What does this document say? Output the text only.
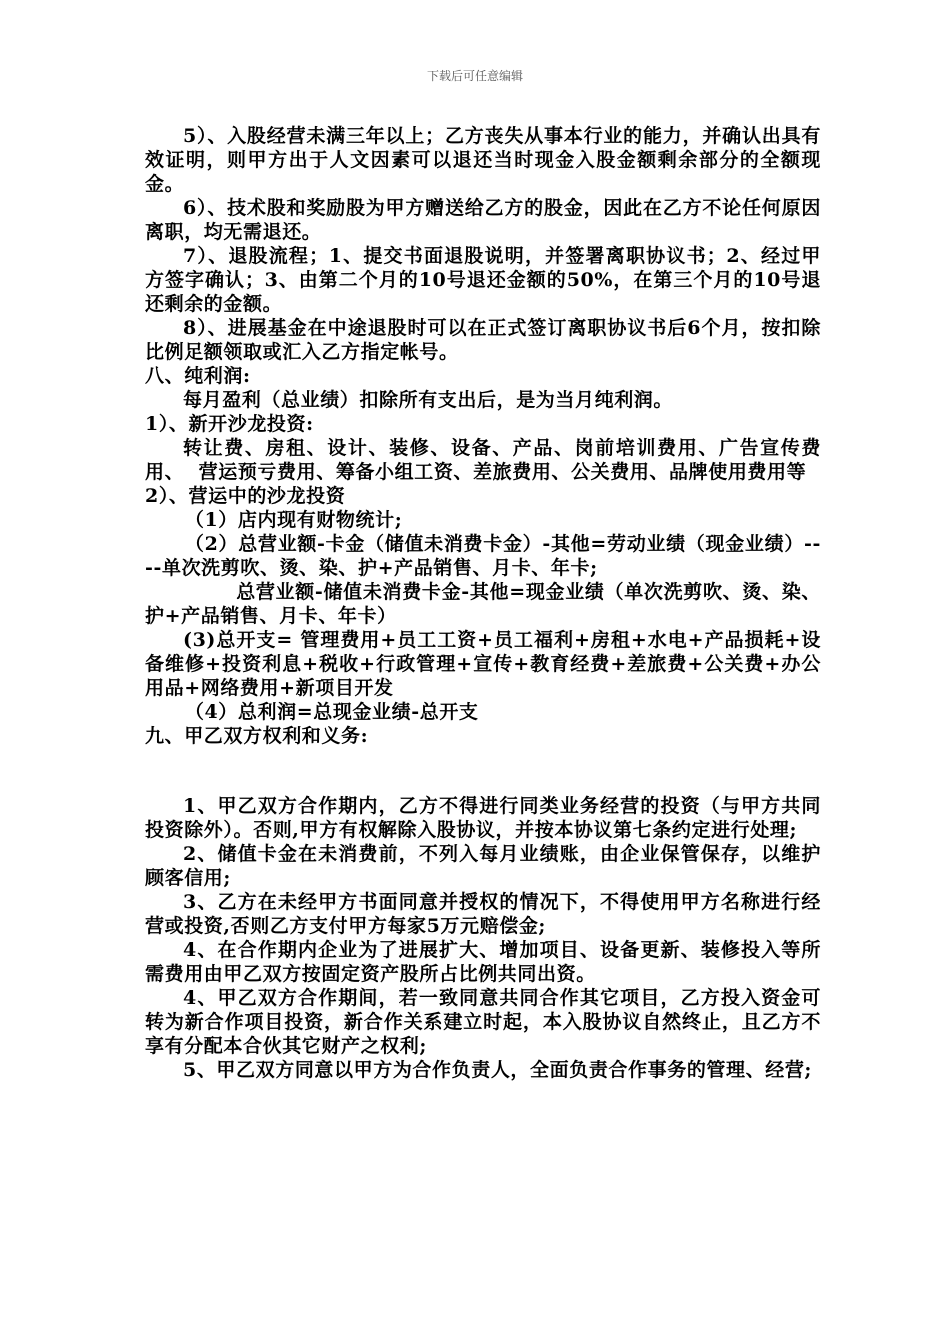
下载后可任意编辑

5）、入股经营未满三年以上；乙方丧失从事本行业的能力，并确认出具有效证明，则甲方出于人文因素可以退还当时现金入股金额剩余部分的全额现金。

6）、技术股和奖励股为甲方赠送给乙方的股金，因此在乙方不论任何原因离职，均无需退还。

7）、退股流程；1、提交书面退股说明，并签署离职协议书；2、经过甲方签字确认；3、由第二个月的10号退还金额的50%，在第三个月的10号退还剩余的金额。

8）、进展基金在中途退股时可以在正式签订离职协议书后6个月，按扣除比例足额领取或汇入乙方指定帐号。

八、纯利润:

每月盈利（总业绩）扣除所有支出后，是为当月纯利润。

1）、新开沙龙投资:

转让费、房租、设计、装修、设备、产品、岗前培训费用、广告宣传费用、  营运预亏费用、筹备小组工资、差旅费用、公关费用、品牌使用费用等

2）、营运中的沙龙投资

（1）店内现有财物统计;

（2）总营业额-卡金（储值未消费卡金）-其他=劳动业绩（现金业绩）----单次洗剪吹、烫、染、护+产品销售、月卡、年卡;

总营业额-储值未消费卡金-其他=现金业绩（单次洗剪吹、烫、染、护+产品销售、月卡、年卡）

(3)总开支= 管理费用+员工工资+员工福利+房租+水电+产品损耗+设备维修+投资利息+税收+行政管理+宣传+教育经费+差旅费+公关费+办公用品+网络费用+新项目开发

（4）总利润=总现金业绩-总开支

九、甲乙双方权利和义务:

1、甲乙双方合作期内，乙方不得进行同类业务经营的投资（与甲方共同投资除外）。否则,甲方有权解除入股协议，并按本协议第七条约定进行处理;

2、储值卡金在未消费前，不列入每月业绩账，由企业保管保存，以维护顾客信用;

3、乙方在未经甲方书面同意并授权的情况下，不得使用甲方名称进行经营或投资,否则乙方支付甲方每家5万元赔偿金;

4、在合作期内企业为了进展扩大、增加项目、设备更新、装修投入等所需费用由甲乙双方按固定资产股所占比例共同出资。

4、甲乙双方合作期间，若一致同意共同合作其它项目，乙方投入资金可转为新合作项目投资，新合作关系建立时起，本入股协议自然终止，且乙方不享有分配本合伙其它财产之权利;

5、甲乙双方同意以甲方为合作负责人，全面负责合作事务的管理、经营;
